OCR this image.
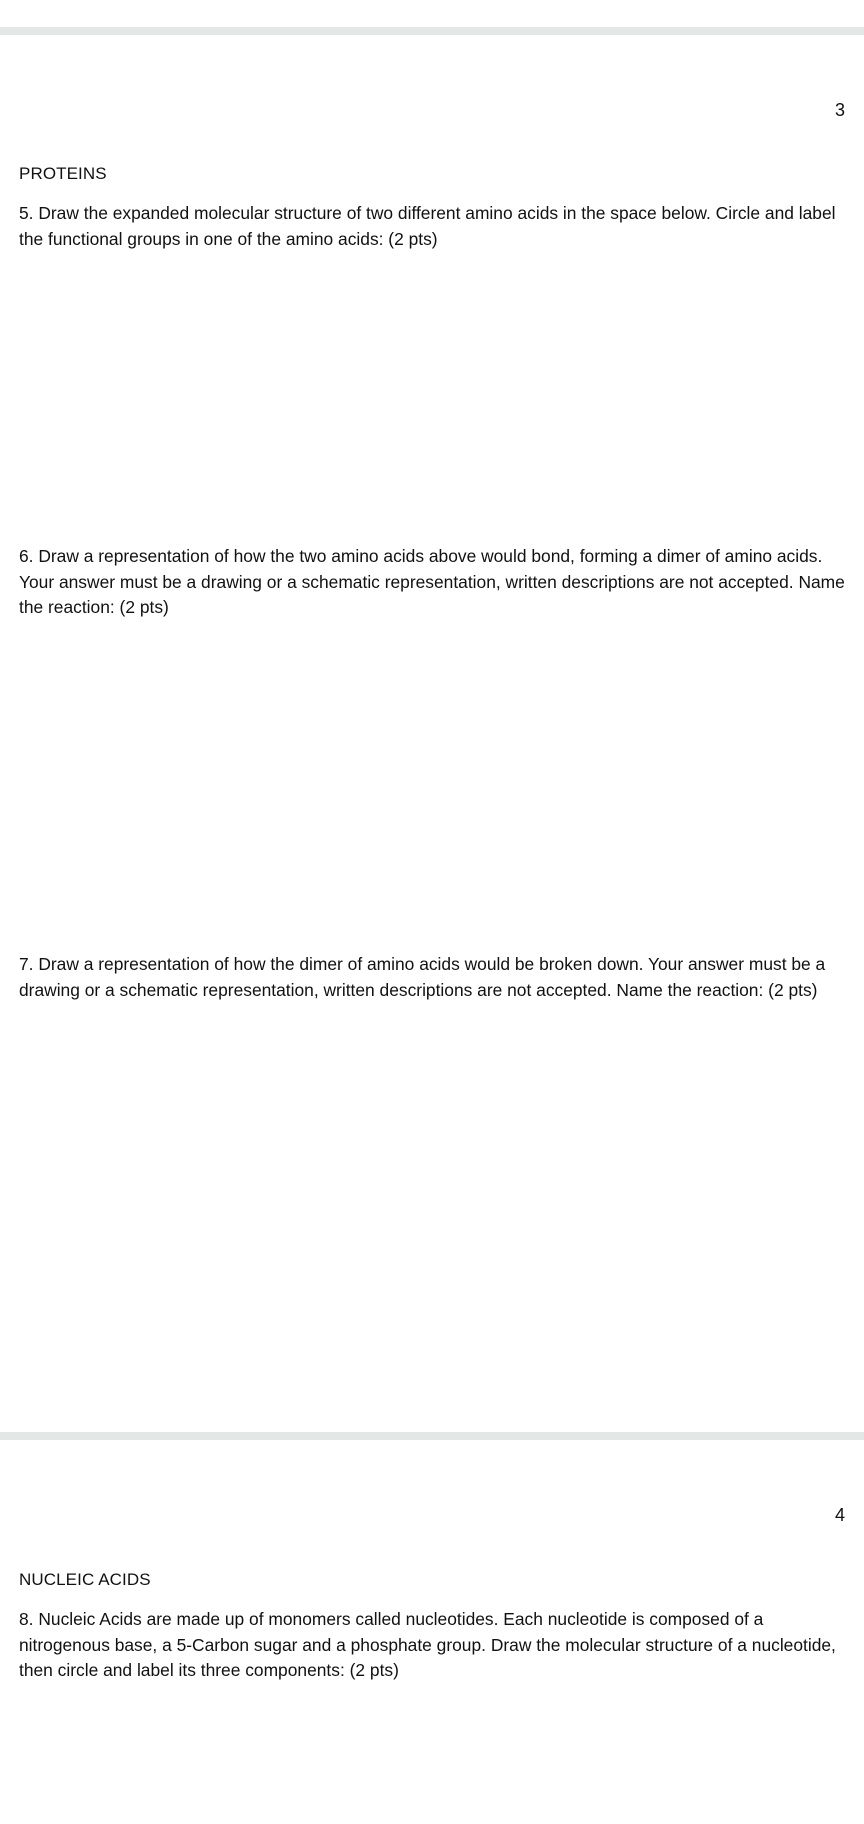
3
PROTEINS
5. Draw the expanded molecular structure of two different amino acids in the space below. Circle and label the functional groups in one of the amino acids: (2 pts)
6. Draw a representation of how the two amino acids above would bond, forming a dimer of amino acids. Your answer must be a drawing or a schematic representation, written descriptions are not accepted. Name the reaction: (2 pts)
7. Draw a representation of how the dimer of amino acids would be broken down. Your answer must be a drawing or a schematic representation, written descriptions are not accepted. Name the reaction: (2 pts)
4
NUCLEIC ACIDS
8. Nucleic Acids are made up of monomers called nucleotides. Each nucleotide is composed of a nitrogenous base, a 5-Carbon sugar and a phosphate group. Draw the molecular structure of a nucleotide, then circle and label its three components: (2 pts)
